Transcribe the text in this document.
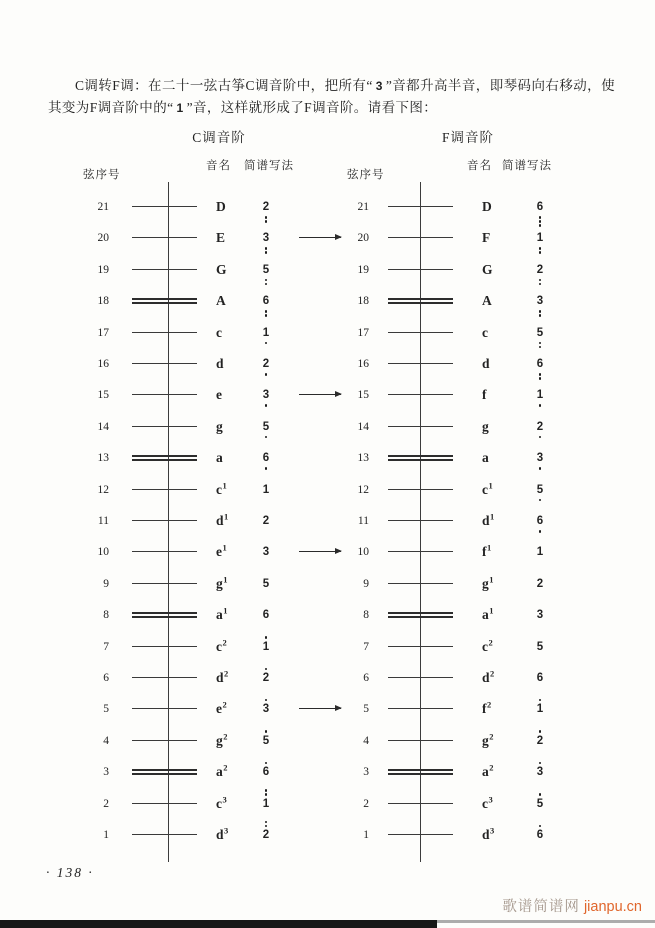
C调转F调：在二十一弦古筝C调音阶中，把所有“ 3 ”音都升高半音，即琴码向右移动，使其变为F调音阶中的“ 1 ”音，这样就形成了F调音阶。请看下图：

C调音阶	F调音阶
弦序号
音名 简谱写法
弦序号
音名 简谱写法
21	D	2	21	D	6
20	E	3	20	F	1
19	G	5	19	G	2
18	A	6	18	A	3
17	c	1	17	c	5
16	d	2	16	d	6
15	e	3	15	f	1
14	g	5	14	g	2
13	a	6	13	a	3
12	$c^1$	1	12	$c^1$	5
11	$d^1$	2	11	$d^1$	6
10	$e^1$	3	10	$f^1$	1
9	$g^1$	5	9	$g^1$	2
8	$a^1$	6	8	$a^1$	3
7	$c^2$	1	7	$c^2$	5
6	$d^2$	2	6	$d^2$	6
5	$e^2$	3	5	$f^2$	1
4	$g^2$	5	4	$g^2$	2
3	$a^2$	6	3	$a^2$	3
2	$c^3$	1	2	$c^3$	5
1	$d^3$	2	1	$d^3$	6
· 138 ·
歌谱简谱网 jianpu.cn
